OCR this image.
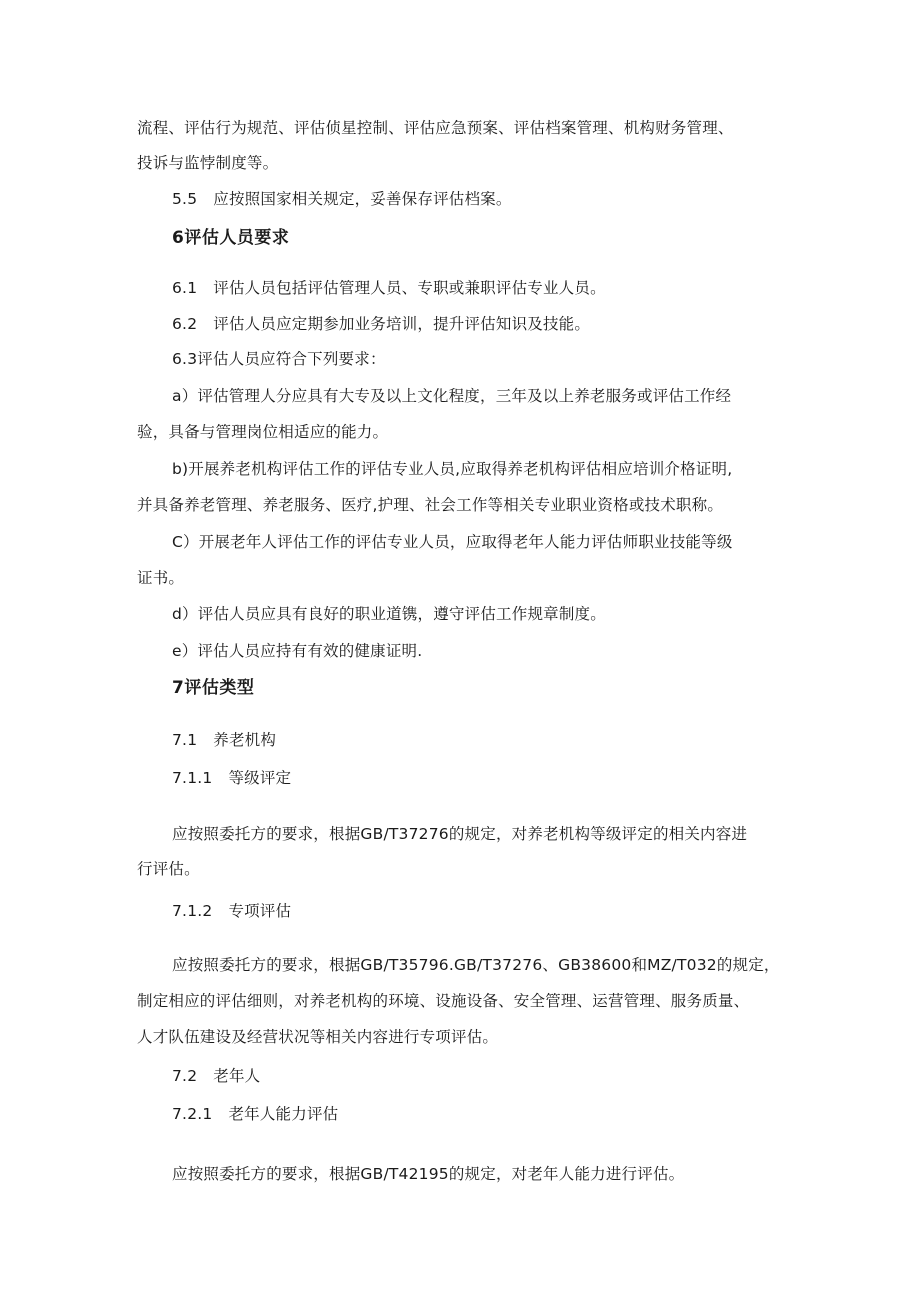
流程、评估行为规范、评估侦星控制、评估应急预案、评估档案管理、机构财务管理、
投诉与监悖制度等。
5.5 应按照国家相关规定，妥善保存评估档案。
6评估人员要求
6.1 评估人员包括评估管理人员、专职或兼职评估专业人员。
6.2 评估人员应定期参加业务培训，提升评估知识及技能。
6.3评估人员应符合下列要求：
a）评估管理人分应具有大专及以上文化程度，三年及以上养老服务或评估工作经
验，具备与管理岗位相适应的能力。
b)开展养老机构评估工作的评估专业人员,应取得养老机构评估相应培训介格证明,
并具备养老管理、养老服务、医疗,护理、社会工作等相关专业职业资格或技术职称。
C）开展老年人评估工作的评估专业人员，应取得老年人能力评估师职业技能等级
证书。
d）评估人员应具有良好的职业道镌，遵守评估工作规章制度。
e）评估人员应持有有效的健康证明.
7评估类型
7.1 养老机构
7.1.1 等级评定
应按照委托方的要求，根据GB/T37276的规定，对养老机构等级评定的相关内容进
行评估。
7.1.2 专项评估
应按照委托方的要求，根据GB/T35796.GB/T37276、GB38600和MZ/T032的规定，
制定相应的评估细则，对养老机构的环境、设施设备、安全管理、运营管理、服务质量、
人才队伍建设及经营状况等相关内容进行专项评估。
7.2 老年人
7.2.1 老年人能力评估
应按照委托方的要求，根据GB/T42195的规定，对老年人能力进行评估。
